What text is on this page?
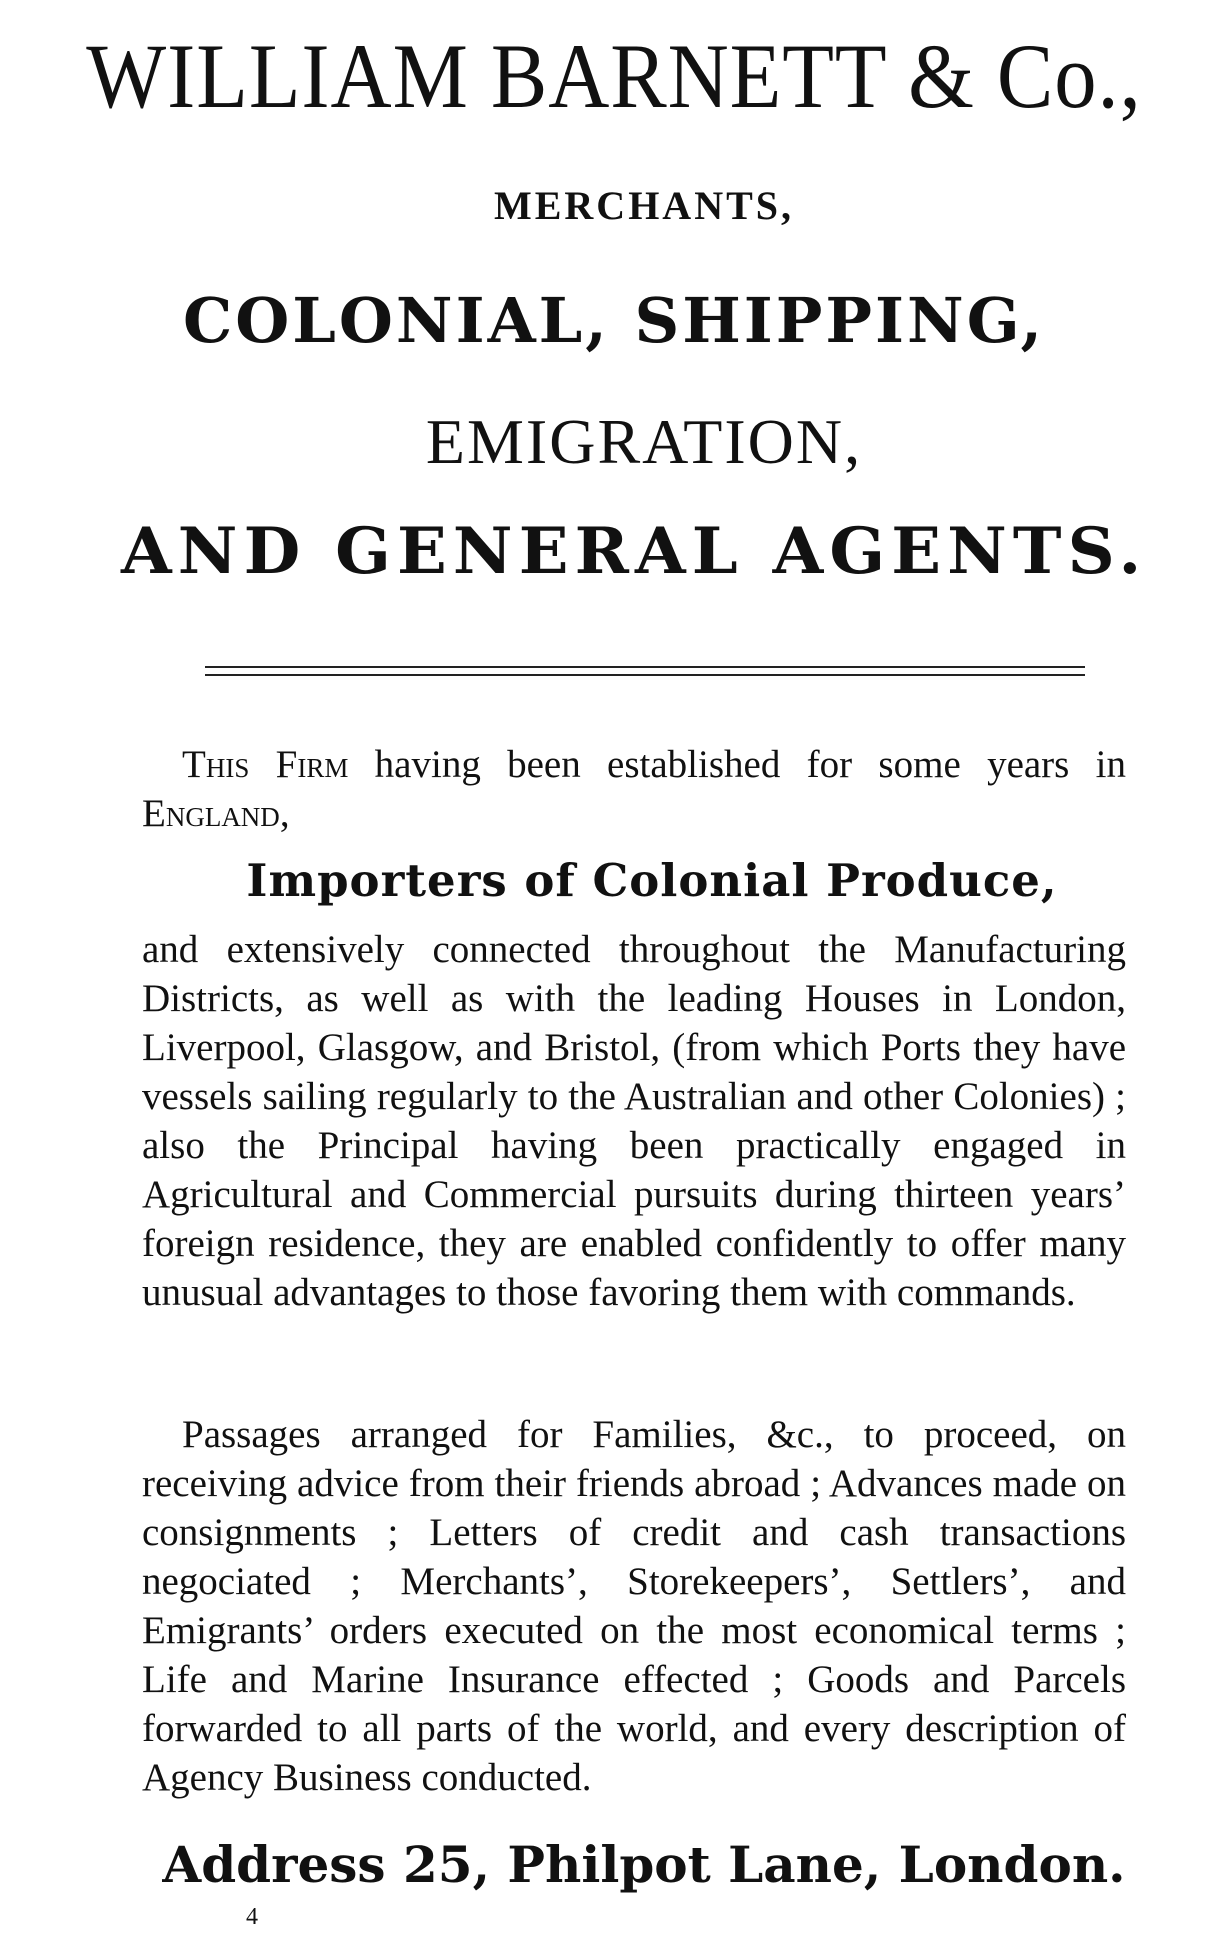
WILLIAM BARNETT & Co.,
MERCHANTS,
COLONIAL, SHIPPING,
EMIGRATION,
AND GENERAL AGENTS.
This Firm having been established for some years in England,
Importers of Colonial Produce,
and extensively connected throughout the Manufacturing Districts, as well as with the leading Houses in London, Liverpool, Glasgow, and Bristol, (from which Ports they have vessels sailing regularly to the Australian and other Colonies) ; also the Principal having been practically engaged in Agricultural and Commercial pursuits during thirteen years’ foreign residence, they are enabled confidently to offer many unusual advantages to those favoring them with commands.
Passages arranged for Families, &c., to proceed, on receiving advice from their friends abroad ; Advances made on consignments ; Letters of credit and cash transactions negociated ; Merchants’, Storekeepers’, Settlers’, and Emigrants’ orders executed on the most economical terms ; Life and Marine Insurance effected ; Goods and Parcels forwarded to all parts of the world, and every description of Agency Business conducted.
Address 25, Philpot Lane, London.
4
